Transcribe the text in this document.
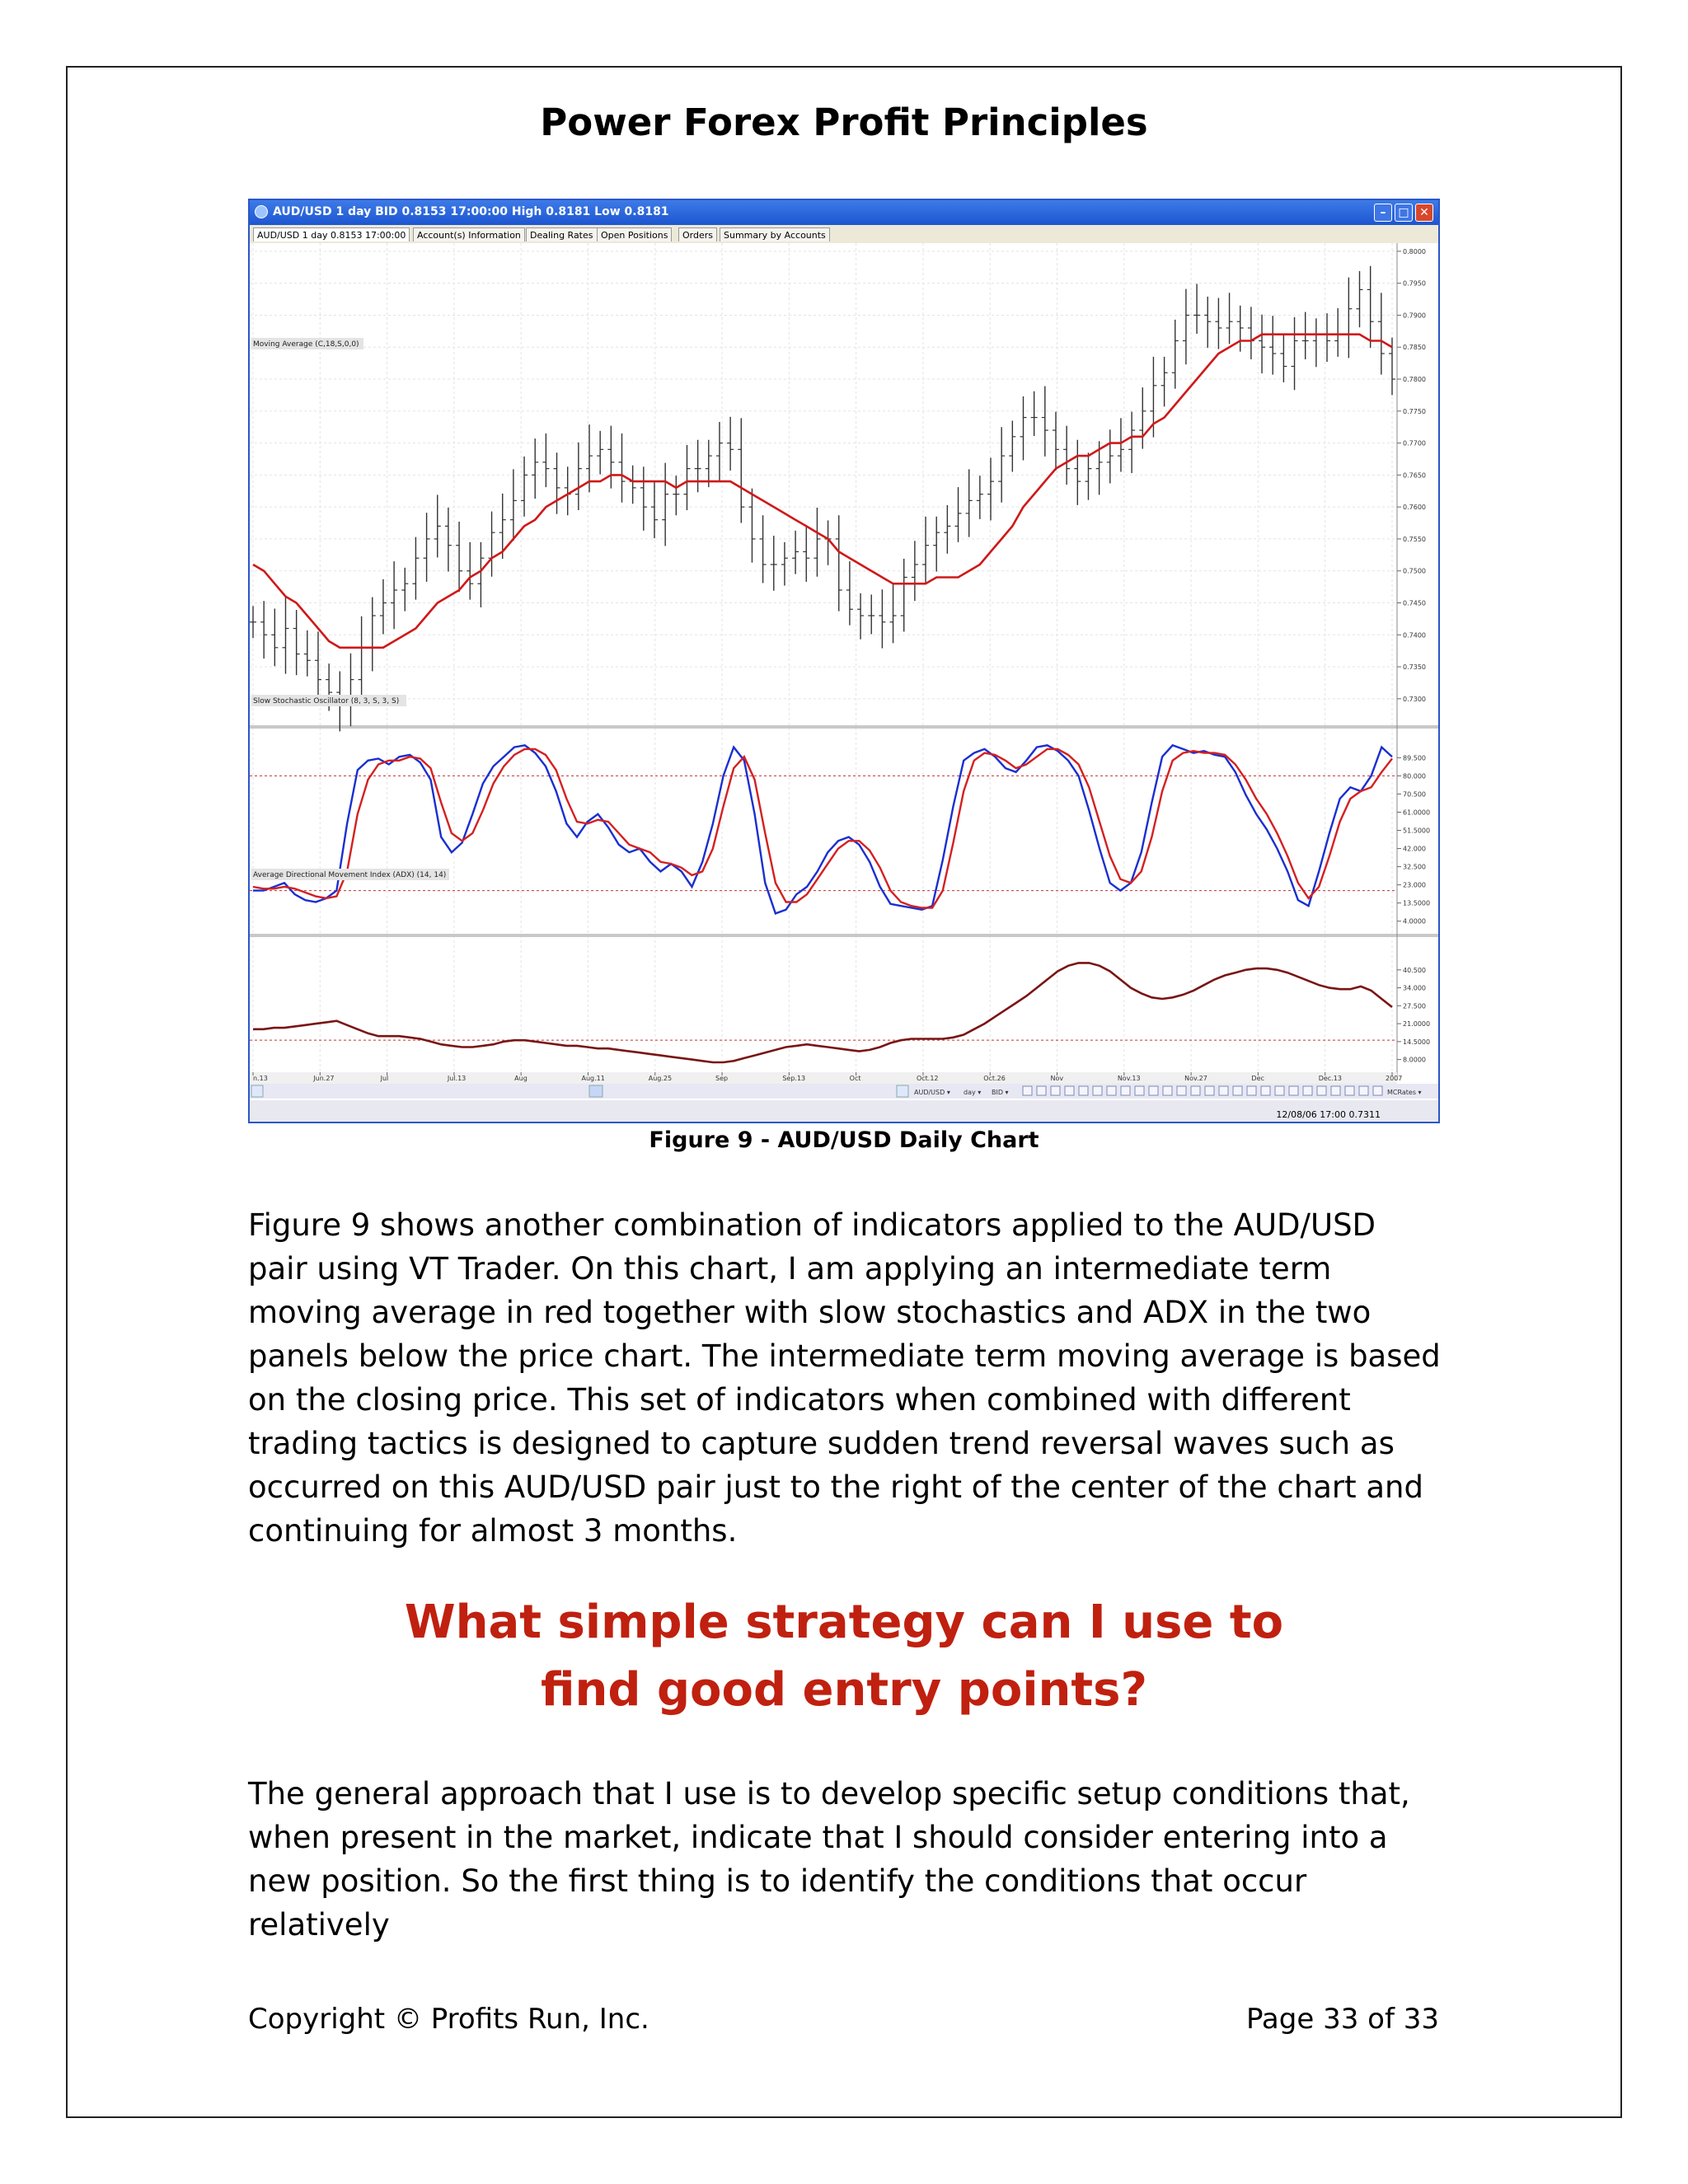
Power Forex Profit Principles
AUD/USD 1 day BID 0.8153 17:00:00 High 0.8181 Low 0.8181	–	□ ✕
AUD/USD 1 day 0.8153 17:00:00	Account(s) Information	Dealing Rates Open Positions	Orders	Summary by Accounts
0.8000
0.7950
0.7900
0.7850
0.7800
0.7750
0.7700
0.7650
0.7600
0.7550
0.7500
0.7450
0.7400
0.7350
0.7300
89.500
80.000
70.500
61.0000
51.5000
42.000
32.500
23.000
13.5000
4.0000
40.500
34.000
27.500
21.0000
14.5000
8.0000
Moving Average (C,18,S,0,0)
Slow Stochastic Oscillator (8, 3, S, 3, S)
Average Directional Movement Index (ADX) (14, 14)
n.13	Jun.27	Jul	Jul.13	Aug	Aug.11	Aug.25	Sep	Sep.13	Oct	Oct.12	Oct.26	Nov	Nov.13	Nov.27	Dec	Dec.13	2007
AUD/USD ▾ day ▾ BID ▾	MCRates ▾
12/08/06 17:00 0.7311
Figure 9 - AUD/USD Daily Chart

Figure 9 shows another combination of indicators applied to the AUD/USD pair using VT Trader. On this chart, I am applying an intermediate term moving average in red together with slow stochastics and ADX in the two panels below the price chart. The intermediate term moving average is based on the closing price. This set of indicators when combined with different trading tactics is designed to capture sudden trend reversal waves such as occurred on this AUD/USD pair just to the right of the center of the chart and continuing for almost 3 months.

What simple strategy can I use to
find good entry points?

The general approach that I use is to develop specific setup conditions that, when present in the market, indicate that I should consider entering into a new position. So the first thing is to identify the conditions that occur relatively

Copyright © Profits Run, Inc.	Page 33 of 33
